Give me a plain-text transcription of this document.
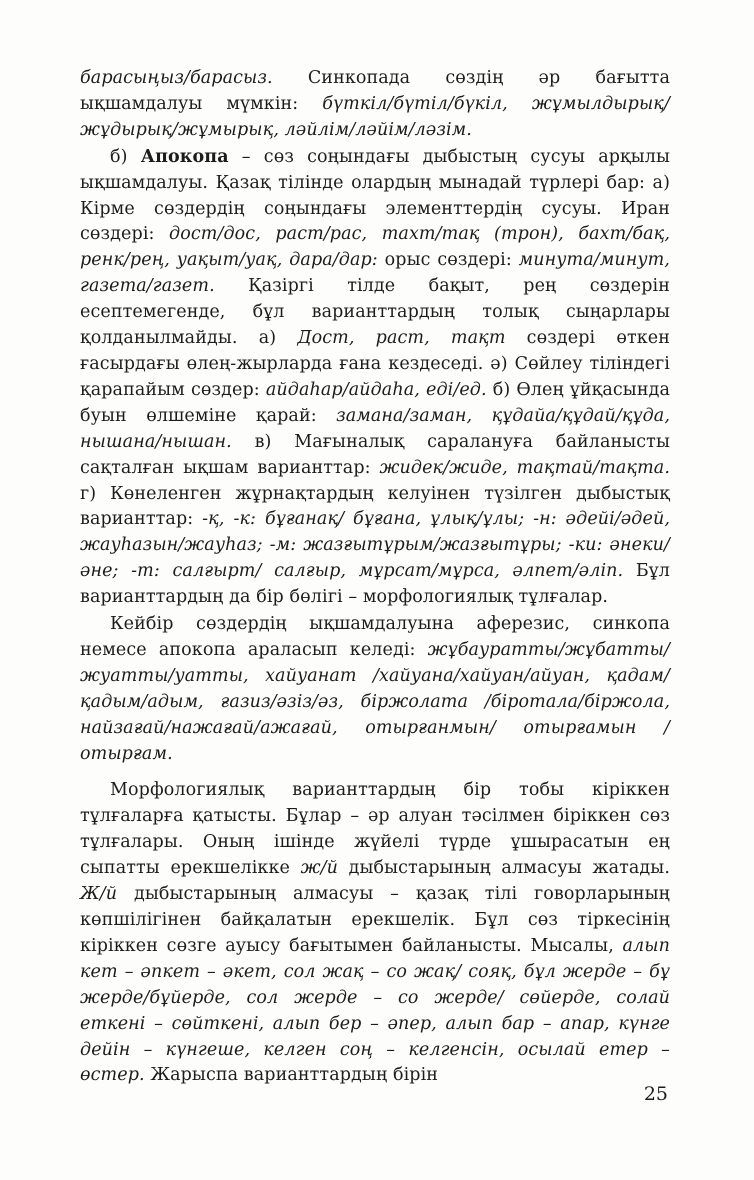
барасыңыз/барасыз. Синкопада сөздің әр бағытта ықшамдалуы мүмкін: бүткіл/бүтіл/бүкіл, жұмылдырық/ жұдырық/жұмырық, ләйлім/ләйім/ләзім.

б) Апокопа – сөз соңындағы дыбыстың сусуы арқылы ықшамдалуы. Қазақ тілінде олардың мынадай түрлері бар: а) Кірме сөздердің соңындағы элементтердің сусуы. Иран сөздері: дост/дос, раст/рас, тахт/тақ (трон), бахт/бақ, ренк/рең, уақыт/уақ, дара/дар: орыс сөздері: минута/минут, газета/газет. Қазіргі тілде бақыт, рең сөздерін есептемегенде, бұл варианттардың толық сыңарлары қолданылмайды. а) Дост, раст, тақт сөздері өткен ғасырдағы өлең-жырларда ғана кездеседі. ә) Сөйлеу тіліндегі қарапайым сөздер: айдаһар/айдаһа, еді/ед. б) Өлең ұйқасында буын өлшеміне қарай: замана/заман, құдайа/құдай/құда, нышана/нышан. в) Мағыналық саралануға байланысты сақталған ықшам варианттар: жидек/жиде, тақтай/тақта. г) Көнеленген жұрнақтардың келуінен түзілген дыбыстық варианттар: -қ, -к: бұғанақ/ бұғана, ұлық/ұлы; -н: әдейі/әдей, жауһазын/жауһаз; -м: жазғытұрым/жазғытұры; -ки: әнеки/әне; -т: салғырт/ салғыр, мұрсат/мұрса, әлпет/әліп. Бұл варианттардың да бір бөлігі – морфологиялық тұлғалар.

Кейбір сөздердің ықшамдалуына аферезис, синкопа немесе апокопа араласып келеді: жұбауратты/жұбатты/жуатты/уатты, хайуанат /хайуана/хайуан/айуан, қадам/қадым/адым, ғазиз/әзіз/әз, біржолата /біротала/біржола, найзағай/нажағай/ажағай, отырғанмын/ отырғамын /отырғам.

Морфологиялық варианттардың бір тобы кіріккен тұлғаларға қатысты. Бұлар – әр алуан тәсілмен біріккен сөз тұлғалары. Оның ішінде жүйелі түрде ұшырасатын ең сыпатты ерекшелікке ж/й дыбыстарының алмасуы жатады. Ж/й дыбыстарының алмасуы – қазақ тілі говорларының көпшілігінен байқалатын ерекшелік. Бұл сөз тіркесінің кіріккен сөзге ауысу бағытымен байланысты. Мысалы, алып кет – әпкет – әкет, сол жақ – со жақ/ сояқ, бұл жерде – бұ жерде/бұйерде, сол жерде – со жерде/ сөйерде, солай еткені – сөйткені, алып бер – әпер, алып бар – апар, күнге дейін – күнгеше, келген соң – келгенсін, осылай етер – өстер. Жарыспа варианттардың бірін

25
